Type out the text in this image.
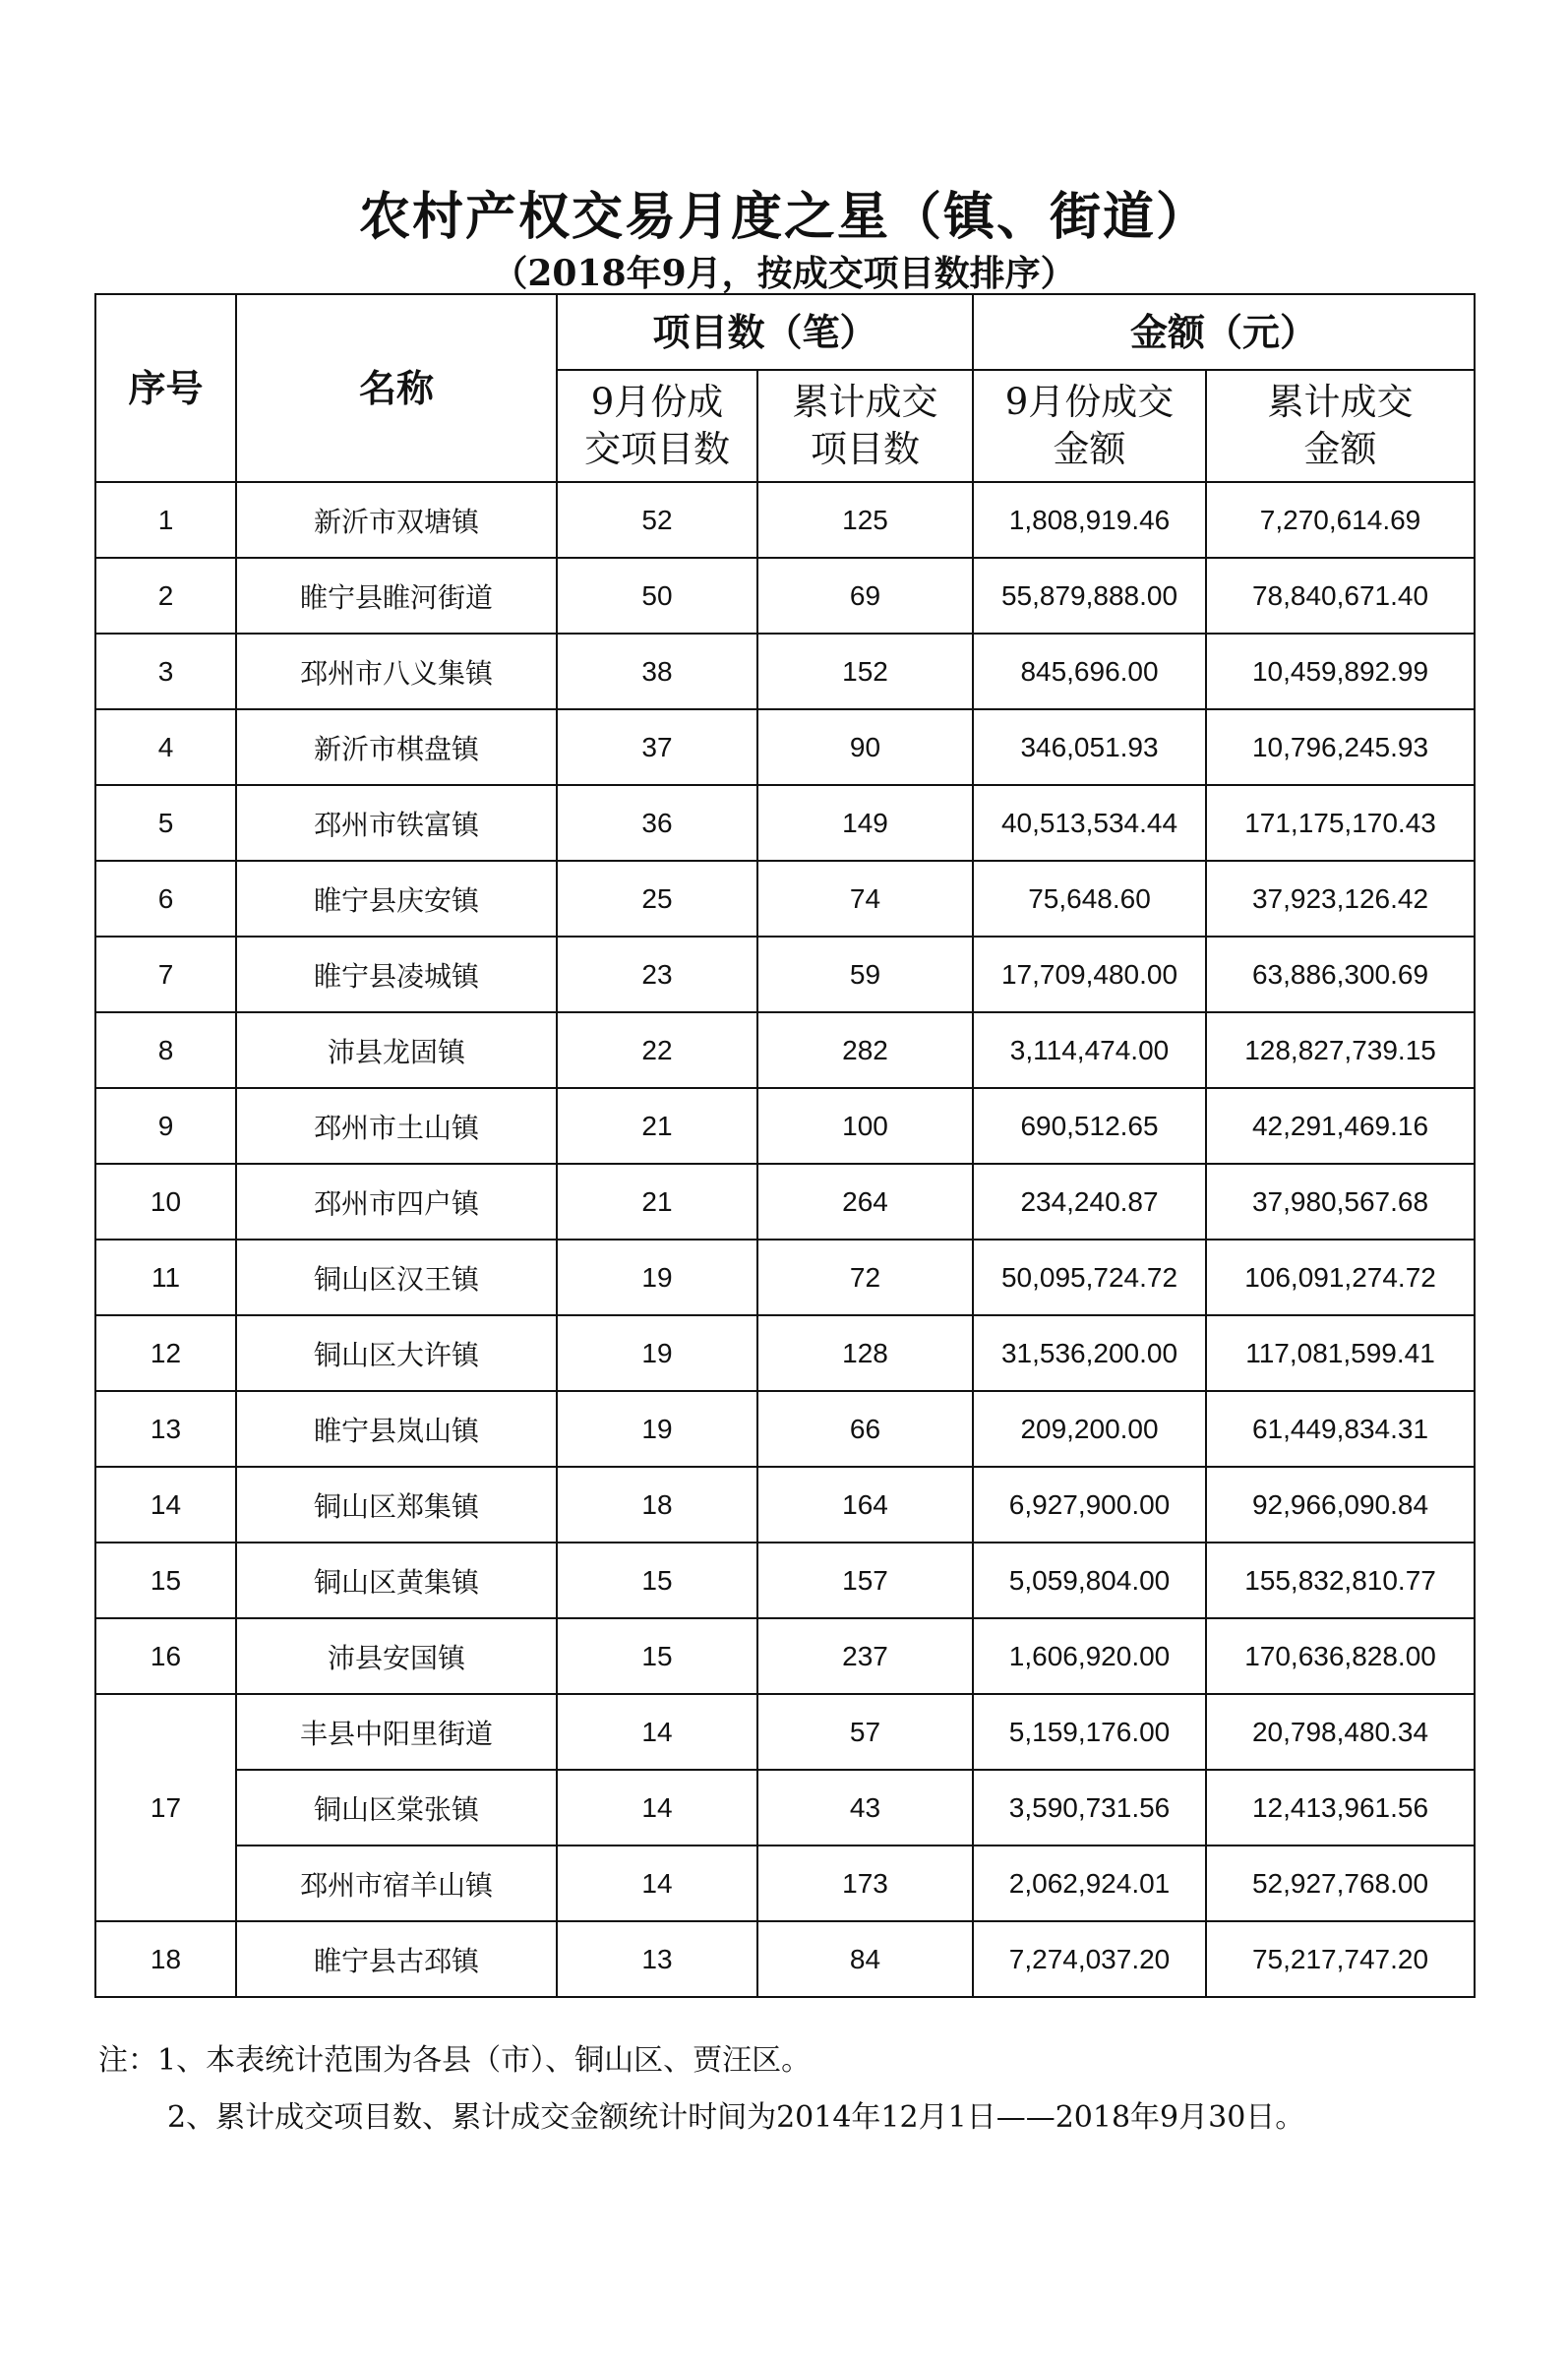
农村产权交易月度之星（镇、街道）
（2018年9月，按成交项目数排序）
序号	名称	项目数（笔）		金额（元）	
		9月份成交项目数	累计成交项目数	9月份成交金额	累计成交金额
1	新沂市双塘镇	52	125	1,808,919.46	7,270,614.69
2	睢宁县睢河街道	50	69	55,879,888.00	78,840,671.40
3	邳州市八义集镇	38	152	845,696.00	10,459,892.99
4	新沂市棋盘镇	37	90	346,051.93	10,796,245.93
5	邳州市铁富镇	36	149	40,513,534.44	171,175,170.43
6	睢宁县庆安镇	25	74	75,648.60	37,923,126.42
7	睢宁县凌城镇	23	59	17,709,480.00	63,886,300.69
8	沛县龙固镇	22	282	3,114,474.00	128,827,739.15
9	邳州市土山镇	21	100	690,512.65	42,291,469.16
10	邳州市四户镇	21	264	234,240.87	37,980,567.68
11	铜山区汉王镇	19	72	50,095,724.72	106,091,274.72
12	铜山区大许镇	19	128	31,536,200.00	117,081,599.41
13	睢宁县岚山镇	19	66	209,200.00	61,449,834.31
14	铜山区郑集镇	18	164	6,927,900.00	92,966,090.84
15	铜山区黄集镇	15	157	5,059,804.00	155,832,810.77
16	沛县安国镇	15	237	1,606,920.00	170,636,828.00
17	丰县中阳里街道	14	57	5,159,176.00	20,798,480.34
	铜山区棠张镇	14	43	3,590,731.56	12,413,961.56
	邳州市宿羊山镇	14	173	2,062,924.01	52,927,768.00
18	睢宁县古邳镇	13	84	7,274,037.20	75,217,747.20
注：1、本表统计范围为各县（市）、铜山区、贾汪区。
2、累计成交项目数、累计成交金额统计时间为2014年12月1日——2018年9月30日。
